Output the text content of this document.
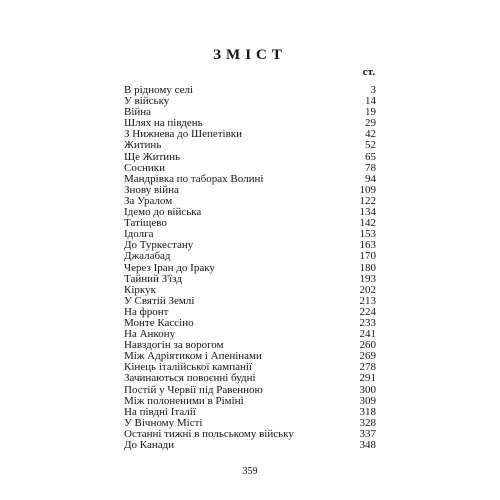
ЗМІСТ
ст.
В рідному селі	3
У війську	14
Війна	19
Шлях на південь	29
З Нижнева до Шепетівки	42
Житинь	52
Ще Житинь	65
Сосники	78
Мандрівка по таборах Волині	94
Знову війна	109
За Уралом	122
Ідемо до війська	134
Татіщево	142
Ідолга	153
До Туркестану	163
Джалабад	170
Через Іран до Іраку	180
Тайний З'їзд	193
Кіркук	202
У Святій Землі	213
На фронт	224
Монте Кассіно	233
На Анкону	241
Навздогін за ворогом	260
Між Адріятиком і Апенінами	269
Кінець італійської кампанії	278
Зачинаються повоєнні будні	291
Постій у Червії під Равенною	300
Між полоненими в Ріміні	309
На півдні Італії	318
У Вічному Місті	328
Останні тижні в польському війську	337
До Канади	348
359
